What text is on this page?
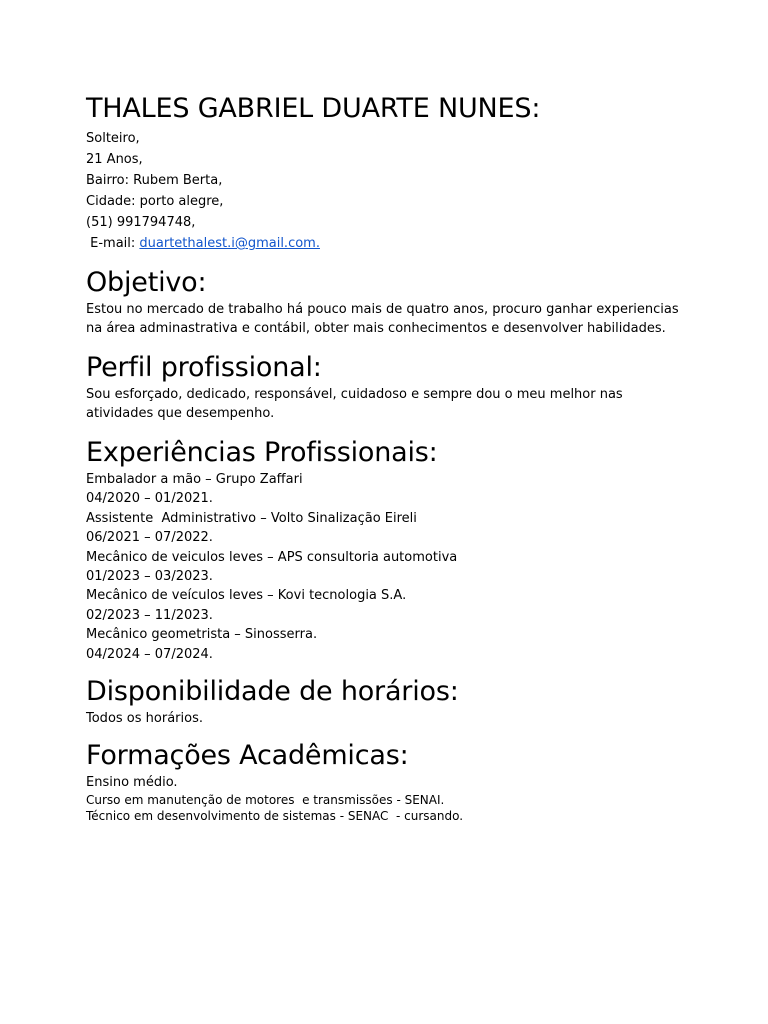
THALES GABRIEL DUARTE NUNES:
Solteiro,
21 Anos,
Bairro: Rubem Berta,
Cidade: porto alegre,
(51) 991794748,
E-mail: duartethalest.i@gmail.com.
Objetivo:
Estou no mercado de trabalho há pouco mais de quatro anos, procuro ganhar experiencias na área adminastrativa e contábil, obter mais conhecimentos e desenvolver habilidades.
Perfil profissional:
Sou esforçado, dedicado, responsável, cuidadoso e sempre dou o meu melhor nas atividades que desempenho.
Experiências Profissionais:
Embalador a mão – Grupo Zaffari
04/2020 – 01/2021.
Assistente  Administrativo – Volto Sinalização Eireli
06/2021 – 07/2022.
Mecânico de veiculos leves – APS consultoria automotiva
01/2023 – 03/2023.
Mecânico de veículos leves – Kovi tecnologia S.A.
02/2023 – 11/2023.
Mecânico geometrista – Sinosserra.
04/2024 – 07/2024.
Disponibilidade de horários:
Todos os horários.
Formações Acadêmicas:
Ensino médio.
Curso em manutenção de motores  e transmissões - SENAI.
Técnico em desenvolvimento de sistemas - SENAC  - cursando.
